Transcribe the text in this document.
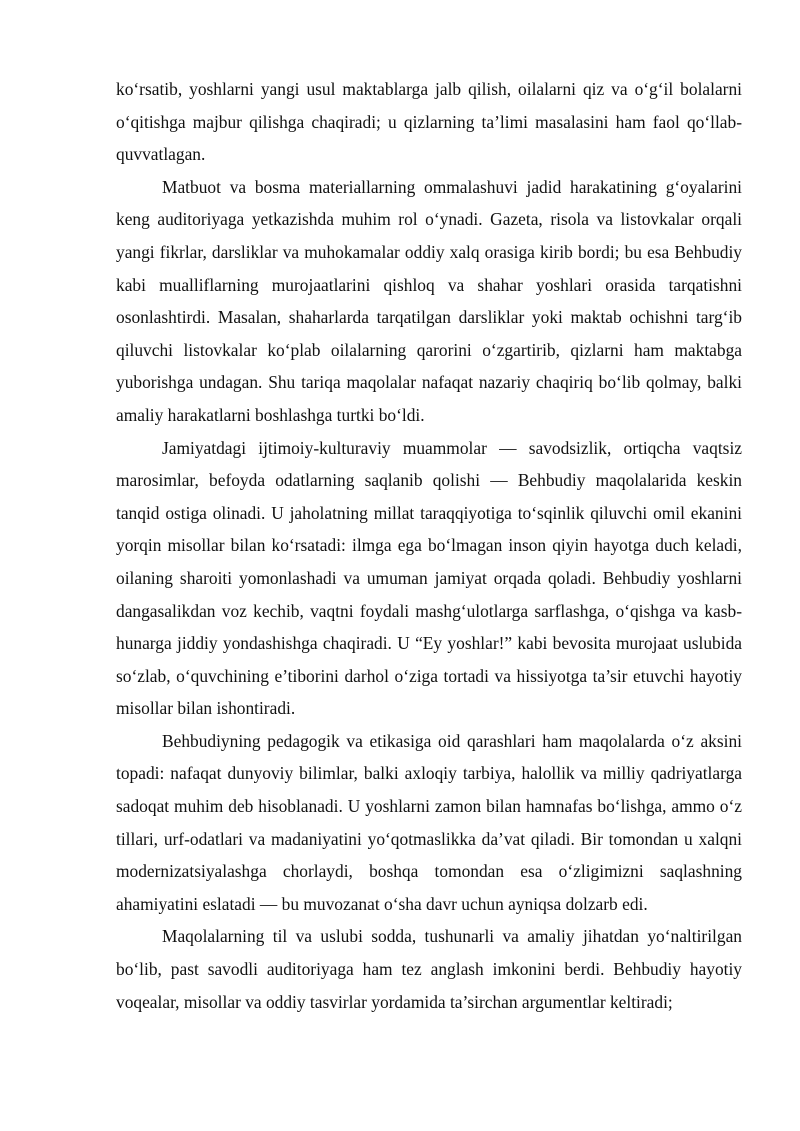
ko‘rsatib, yoshlarni yangi usul maktablarga jalb qilish, oilalarni qiz va o‘g‘il bolalarni o‘qitishga majbur qilishga chaqiradi; u qizlarning ta’limi masalasini ham faol qo‘llab-quvvatlagan.

Matbuot va bosma materiallarning ommalashuvi jadid harakatining g‘oyalarini keng auditoriyaga yetkazishda muhim rol o‘ynadi. Gazeta, risola va listovkalar orqali yangi fikrlar, darsliklar va muhokamalar oddiy xalq orasiga kirib bordi; bu esa Behbudiy kabi mualliflarning murojaatlarini qishloq va shahar yoshlari orasida tarqatishni osonlashtirdi. Masalan, shaharlarda tarqatilgan darsliklar yoki maktab ochishni targ‘ib qiluvchi listovkalar ko‘plab oilalarning qarorini o‘zgartirib, qizlarni ham maktabga yuborishga undagan. Shu tariqa maqolalar nafaqat nazariy chaqiriq bo‘lib qolmay, balki amaliy harakatlarni boshlashga turtki bo‘ldi.

Jamiyatdagi ijtimoiy-kulturaviy muammolar — savodsizlik, ortiqcha vaqtsiz marosimlar, befoyda odatlarning saqlanib qolishi — Behbudiy maqolalarida keskin tanqid ostiga olinadi. U jaholatning millat taraqqiyotiga to‘sqinlik qiluvchi omil ekanini yorqin misollar bilan ko‘rsatadi: ilmga ega bo‘lmagan inson qiyin hayotga duch keladi, oilaning sharoiti yomonlashadi va umuman jamiyat orqada qoladi. Behbudiy yoshlarni dangasalikdan voz kechib, vaqtni foydali mashg‘ulotlarga sarflashga, o‘qishga va kasb-hunarga jiddiy yondashishga chaqiradi. U “Ey yoshlar!” kabi bevosita murojaat uslubida so‘zlab, o‘quvchining e’tiborini darhol o‘ziga tortadi va hissiyotga ta’sir etuvchi hayotiy misollar bilan ishontiradi.

Behbudiyning pedagogik va etikasiga oid qarashlari ham maqolalarda o‘z aksini topadi: nafaqat dunyoviy bilimlar, balki axloqiy tarbiya, halollik va milliy qadriyatlarga sadoqat muhim deb hisoblanadi. U yoshlarni zamon bilan hamnafas bo‘lishga, ammo o‘z tillari, urf-odatlari va madaniyatini yo‘qotmaslikka da’vat qiladi. Bir tomondan u xalqni modernizatsiyalashga chorlaydi, boshqa tomondan esa o‘zligimizni saqlashning ahamiyatini eslatadi — bu muvozanat o‘sha davr uchun ayniqsa dolzarb edi.

Maqolalarning til va uslubi sodda, tushunarli va amaliy jihatdan yo‘naltirilgan bo‘lib, past savodli auditoriyaga ham tez anglash imkonini berdi. Behbudiy hayotiy voqealar, misollar va oddiy tasvirlar yordamida ta’sirchan argumentlar keltiradi;
